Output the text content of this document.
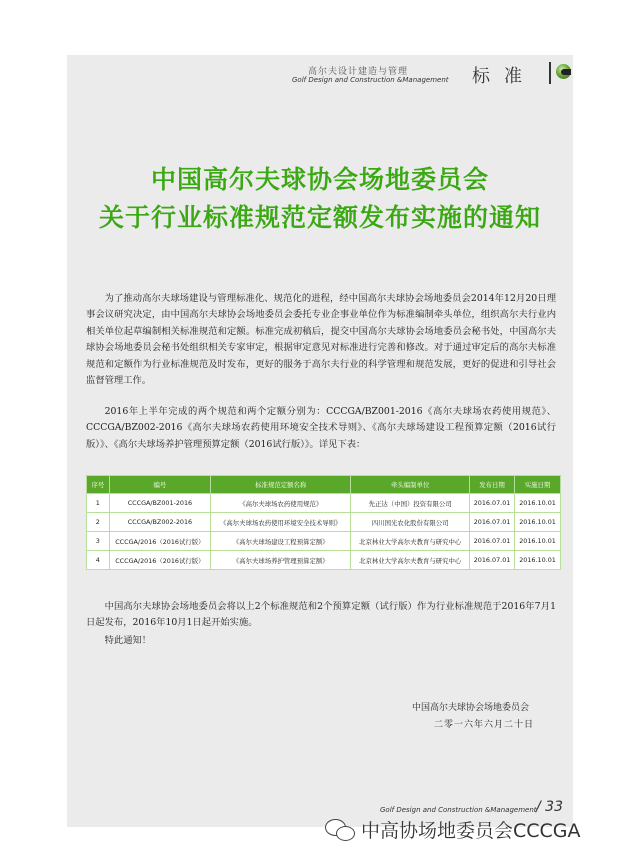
高尔夫设计建造与管理
Golf Design and Construction &Management 标准
中国高尔夫球协会场地委员会
关于行业标准规范定额发布实施的通知
为了推动高尔夫球场建设与管理标准化、规范化的进程，经中国高尔夫球协会场地委员会2014年12月20日理事会议研究决定，由中国高尔夫球协会场地委员会委托专业企事业单位作为标准编制牵头单位，组织高尔夫行业内相关单位起草编制相关标准规范和定额。标准完成初稿后，提交中国高尔夫球协会场地委员会秘书处，中国高尔夫球协会场地委员会秘书处组织相关专家审定，根据审定意见对标准进行完善和修改。对于通过审定后的高尔夫标准规范和定额作为行业标准规范及时发布，更好的服务于高尔夫行业的科学管理和规范发展，更好的促进和引导社会监督管理工作。
2016年上半年完成的两个规范和两个定额分别为：CCCGA/BZ001-2016《高尔夫球场农药使用规范》、CCCGA/BZ002-2016《高尔夫球场农药使用环境安全技术导则》、《高尔夫球场建设工程预算定额（2016试行版）》、《高尔夫球场养护管理预算定额（2016试行版）》。详见下表：
序号	编号	标准规范定额名称	牵头编制单位	发布日期	实施日期
1	CCCGA/BZ001-2016	《高尔夫球场农药使用规范》	先正达（中国）投资有限公司	2016.07.01	2016.10.01
2	CCCGA/BZ002-2016	《高尔夫球场农药使用环境安全技术导则》	四川国光农化股份有限公司	2016.07.01	2016.10.01
3	CCCGA/2016（2016试行版）	《高尔夫球场建设工程预算定额》	北京林业大学高尔夫教育与研究中心	2016.07.01	2016.10.01
4	CCCGA/2016（2016试行版）	《高尔夫球场养护管理预算定额》	北京林业大学高尔夫教育与研究中心	2016.07.01	2016.10.01
中国高尔夫球协会场地委员会将以上2个标准规范和2个预算定额（试行版）作为行业标准规范于2016年7月1日起发布，2016年10月1日起开始实施。
特此通知！
中国高尔夫球协会场地委员会
二零一六年六月二十日
Golf Design and Construction &Management / 33
中高协场地委员会CCCGA
